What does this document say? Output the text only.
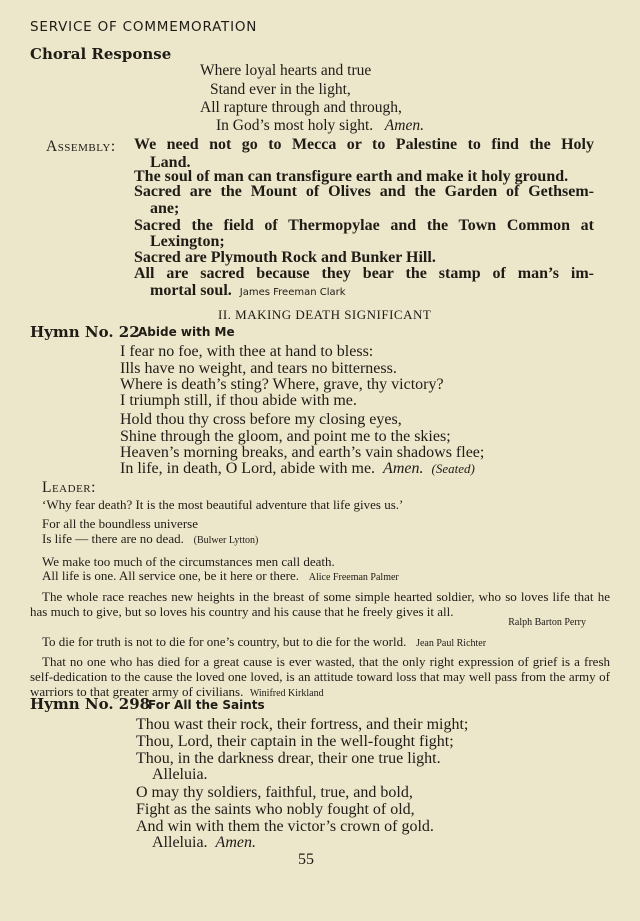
SERVICE OF COMMEMORATION
Choral Response
Where loyal hearts and true
Stand ever in the light,
All rapture through and through,
In God’s most holy sight. Amen.
Assembly: We need not go to Mecca or to Palestine to find the Holy
Land.
The soul of man can transfigure earth and make it holy ground.
Sacred are the Mount of Olives and the Garden of Gethsem-
ane;
Sacred the field of Thermopylae and the Town Common at
Lexington;
Sacred are Plymouth Rock and Bunker Hill.
All are sacred because they bear the stamp of man’s im-
mortal soul. James Freeman Clark
II. MAKING DEATH SIGNIFICANT
Hymn No. 22
Abide with Me
I fear no foe, with thee at hand to bless:
Ills have no weight, and tears no bitterness.
Where is death’s sting? Where, grave, thy victory?
I triumph still, if thou abide with me.
Hold thou thy cross before my closing eyes,
Shine through the gloom, and point me to the skies;
Heaven’s morning breaks, and earth’s vain shadows flee;
In life, in death, O Lord, abide with me. Amen. (Seated)
Leader:
‘Why fear death? It is the most beautiful adventure that life gives us.’
For all the boundless universe
Is life — there are no dead. (Bulwer Lytton)
We make too much of the circumstances men call death.
All life is one. All service one, be it here or there. Alice Freeman Palmer
The whole race reaches new heights in the breast of some simple hearted soldier, who so loves life that he has much to give, but so loves his country and his cause that he freely gives it all.
Ralph Barton Perry
To die for truth is not to die for one’s country, but to die for the world. Jean Paul Richter
That no one who has died for a great cause is ever wasted, that the only right expression of grief is a fresh self-dedication to the cause the loved one loved, is an attitude toward loss that may well pass from the army of warriors to that greater army of civilians. Winifred Kirkland
Hymn No. 298
For All the Saints
Thou wast their rock, their fortress, and their might;
Thou, Lord, their captain in the well-fought fight;
Thou, in the darkness drear, their one true light.
Alleluia.
O may thy soldiers, faithful, true, and bold,
Fight as the saints who nobly fought of old,
And win with them the victor’s crown of gold.
Alleluia. Amen.
55
